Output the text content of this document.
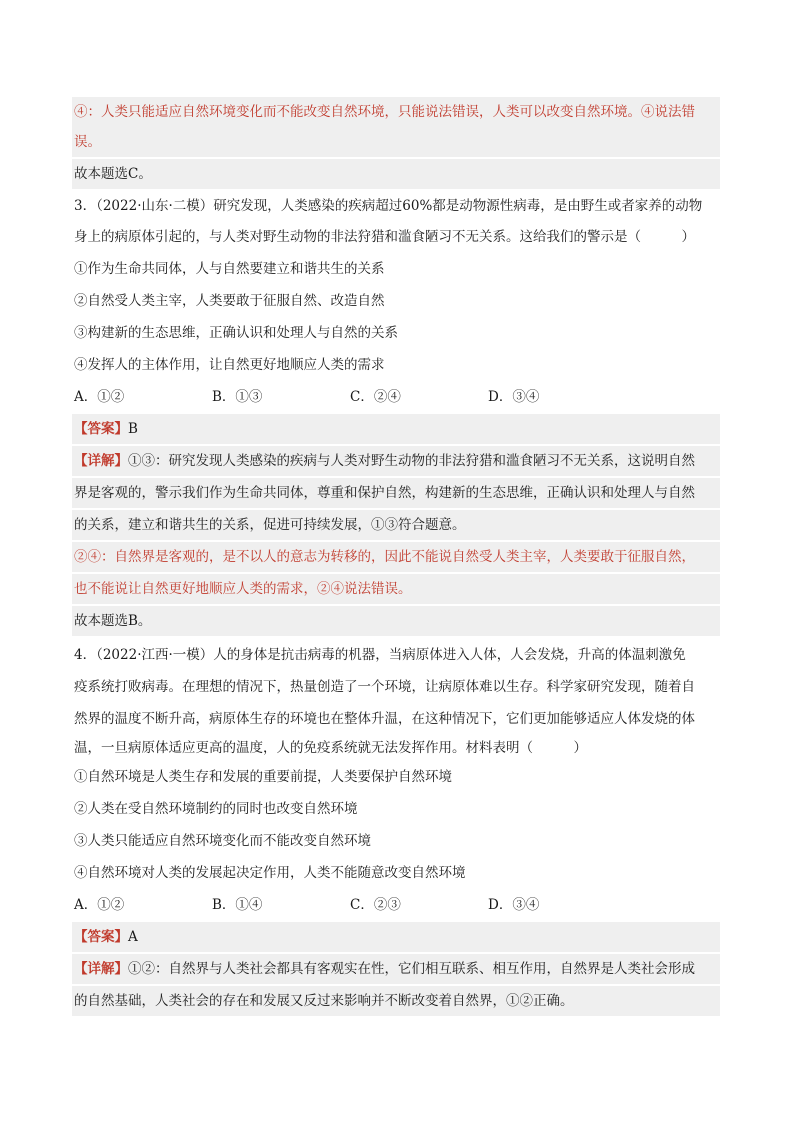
④：人类只能适应自然环境变化而不能改变自然环境，只能说法错误，人类可以改变自然环境。④说法错
误。
故本题选C。
3．（2022·山东·二模）研究发现，人类感染的疾病超过60%都是动物源性病毒，是由野生或者家养的动物
身上的病原体引起的，与人类对野生动物的非法狩猎和滥食陋习不无关系。这给我们的警示是（　　　）
①作为生命共同体，人与自然要建立和谐共生的关系
②自然受人类主宰，人类要敢于征服自然、改造自然
③构建新的生态思维，正确认识和处理人与自然的关系
④发挥人的主体作用，让自然更好地顺应人类的需求
A．①②	B．①③	C．②④	D．③④
【答案】B
【详解】①③：研究发现人类感染的疾病与人类对野生动物的非法狩猎和滥食陋习不无关系，这说明自然
界是客观的，警示我们作为生命共同体，尊重和保护自然，构建新的生态思维，正确认识和处理人与自然
的关系，建立和谐共生的关系，促进可持续发展，①③符合题意。
②④：自然界是客观的，是不以人的意志为转移的，因此不能说自然受人类主宰，人类要敢于征服自然，
也不能说让自然更好地顺应人类的需求，②④说法错误。
故本题选B。
4．（2022·江西·一模）人的身体是抗击病毒的机器，当病原体进入人体，人会发烧，升高的体温刺激免
疫系统打败病毒。在理想的情况下，热量创造了一个环境，让病原体难以生存。科学家研究发现，随着自
然界的温度不断升高，病原体生存的环境也在整体升温，在这种情况下，它们更加能够适应人体发烧的体
温，一旦病原体适应更高的温度，人的免疫系统就无法发挥作用。材料表明（　　　）
①自然环境是人类生存和发展的重要前提，人类要保护自然环境
②人类在受自然环境制约的同时也改变自然环境
③人类只能适应自然环境变化而不能改变自然环境
④自然环境对人类的发展起决定作用，人类不能随意改变自然环境
A．①②	B．①④	C．②③	D．③④
【答案】A
【详解】①②：自然界与人类社会都具有客观实在性，它们相互联系、相互作用，自然界是人类社会形成
的自然基础，人类社会的存在和发展又反过来影响并不断改变着自然界，①②正确。
